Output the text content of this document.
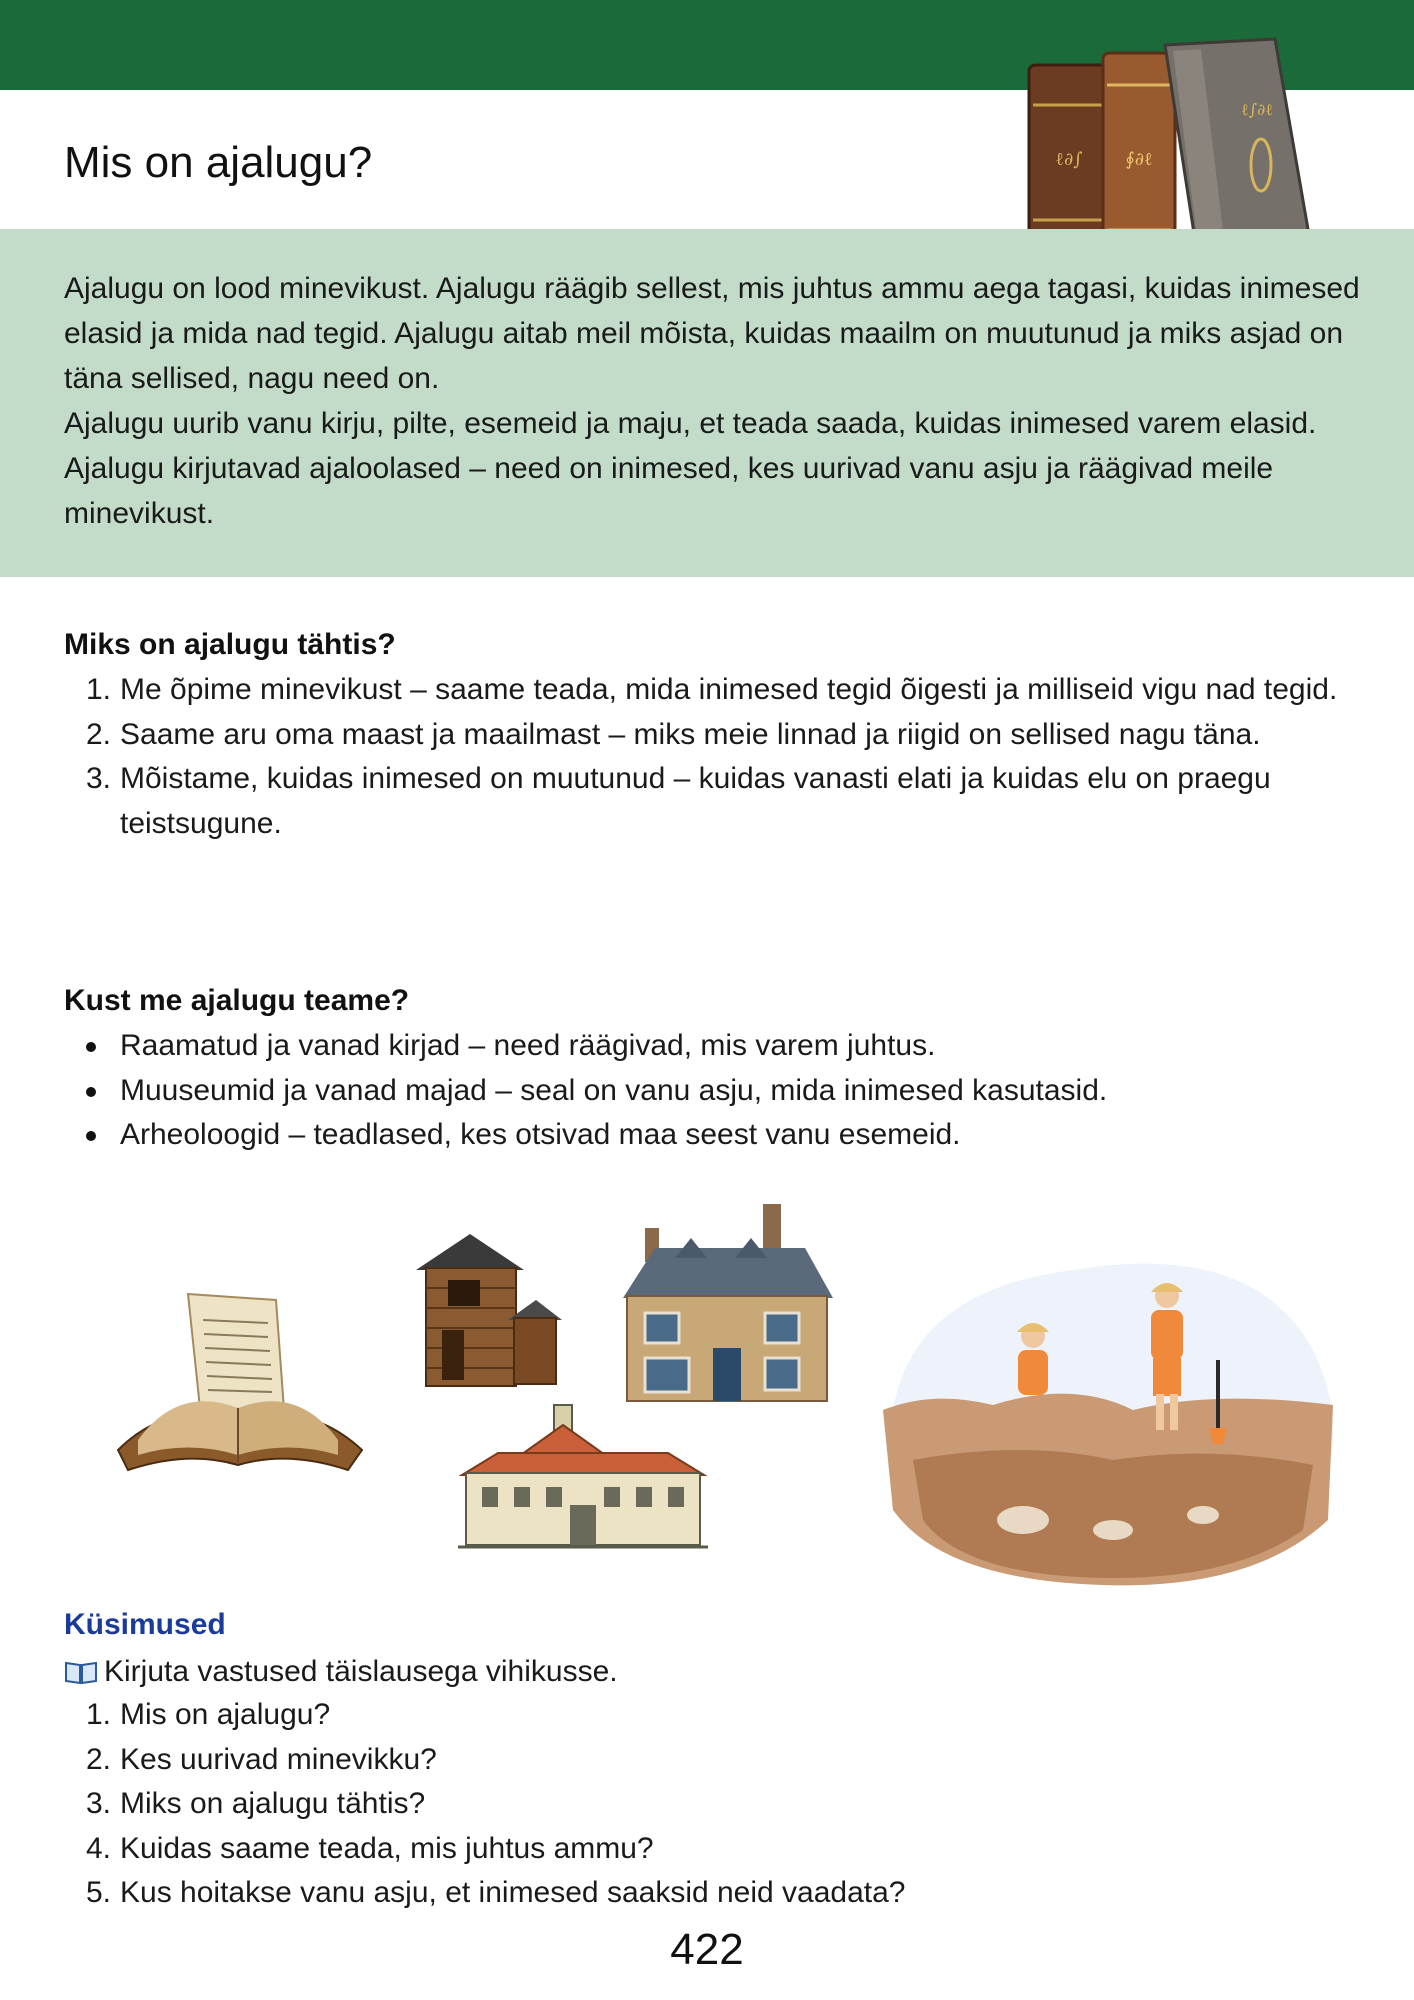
Mis on ajalugu?	ℓ∂∫ ∮∂ℓ
ℓ∫∂ℓ

Ajalugu on lood minevikust. Ajalugu räägib sellest, mis juhtus ammu aega tagasi, kuidas inimesed elasid ja mida nad tegid. Ajalugu aitab meil mõista, kuidas maailm on muutunud ja miks asjad on täna sellised, nagu need on.

Ajalugu uurib vanu kirju, pilte, esemeid ja maju, et teada saada, kuidas inimesed varem elasid. Ajalugu kirjutavad ajaloolased – need on inimesed, kes uurivad vanu asju ja räägivad meile minevikust.

Miks on ajalugu tähtis?
1. Me õpime minevikust – saame teada, mida inimesed tegid õigesti ja milliseid vigu nad tegid.
2. Saame aru oma maast ja maailmast – miks meie linnad ja riigid on sellised nagu täna.
3. Mõistame, kuidas inimesed on muutunud – kuidas vanasti elati ja kuidas elu on praegu teistsugune.
Kust me ajalugu teame?
Raamatud ja vanad kirjad – need räägivad, mis varem juhtus.
Muuseumid ja vanad majad – seal on vanu asju, mida inimesed kasutasid.
Arheoloogid – teadlased, kes otsivad maa seest vanu esemeid.
Küsimused
Kirjuta vastused täislausega vihikusse.
1. Mis on ajalugu?
2. Kes uurivad minevikku?
3. Miks on ajalugu tähtis?
4. Kuidas saame teada, mis juhtus ammu?
5. Kus hoitakse vanu asju, et inimesed saaksid neid vaadata?
422
